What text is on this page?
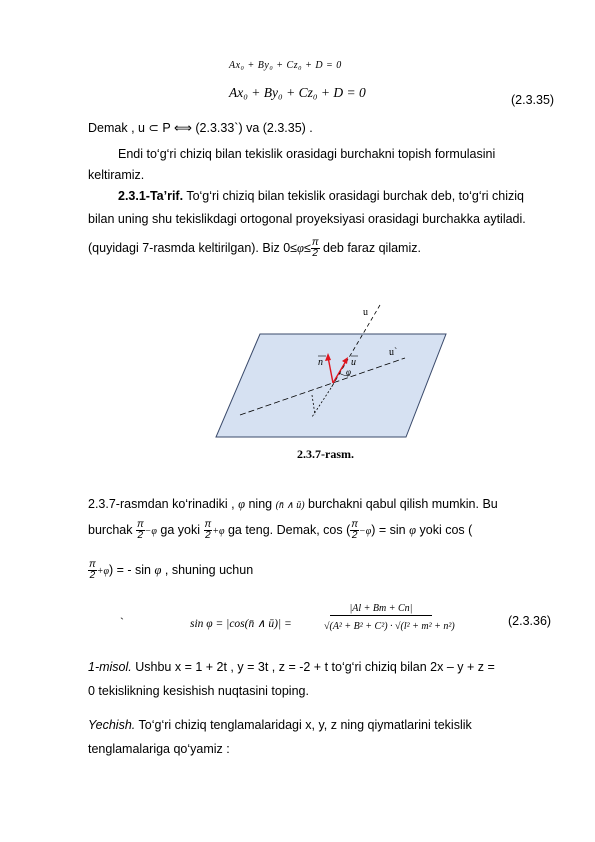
Ax₀ + By₀ + Cz₀ + D = 0
Ax₀ + By₀ + Cz₀ + D = 0	(2.3.35)
Demak , u ⊂ P ⟺ (2.3.33`) va (2.3.35) .
Endi to‘g‘ri chiziq bilan tekislik orasidagi burchakni topish formulasini
keltiramiz.
2.3.1-Ta’rif. To‘g‘ri chiziq bilan tekislik orasidagi burchak deb, to‘g‘ri chiziq
bilan uning shu tekislikdagi ortogonal proyeksiyasi orasidagi burchakka aytiladi.
(quyidagi 7-rasmda keltirilgan). Biz $0\le\varphi\le \frac{\pi}{2}$ deb faraz qilamiz.
u
u`
n	u
φ
2.3.7-rasm.
2.3.7-rasmdan ko‘rinadiki , φ ning (n̄ ∧ ū) burchakni qabul qilish mumkin. Bu
burchak $\frac{\pi}{2} -\varphi$ ga yoki $\frac{\pi}{2} +\varphi$ ga teng. Demak, cos ( $\frac{\pi}{2} -\varphi) = \sin \varphi$ yoki cos (
$\frac{\pi}{2} +\varphi$) = - sin φ , shuning uchun
`	sin φ = |cos(n̄ ∧ ū)| =
|Al + Bm + Cn|
√(A² + B² + C²) · √(l² + m² + n²)	(2.3.36)
1-misol. Ushbu x = 1 + 2t , y = 3t , z = -2 + t to‘g‘ri chiziq bilan 2x – y + z =
0 tekislikning kesishish nuqtasini toping.
Yechish. To‘g‘ri chiziq tenglamalaridagi x, y, z ning qiymatlarini tekislik
tenglamalariga qo‘yamiz :
